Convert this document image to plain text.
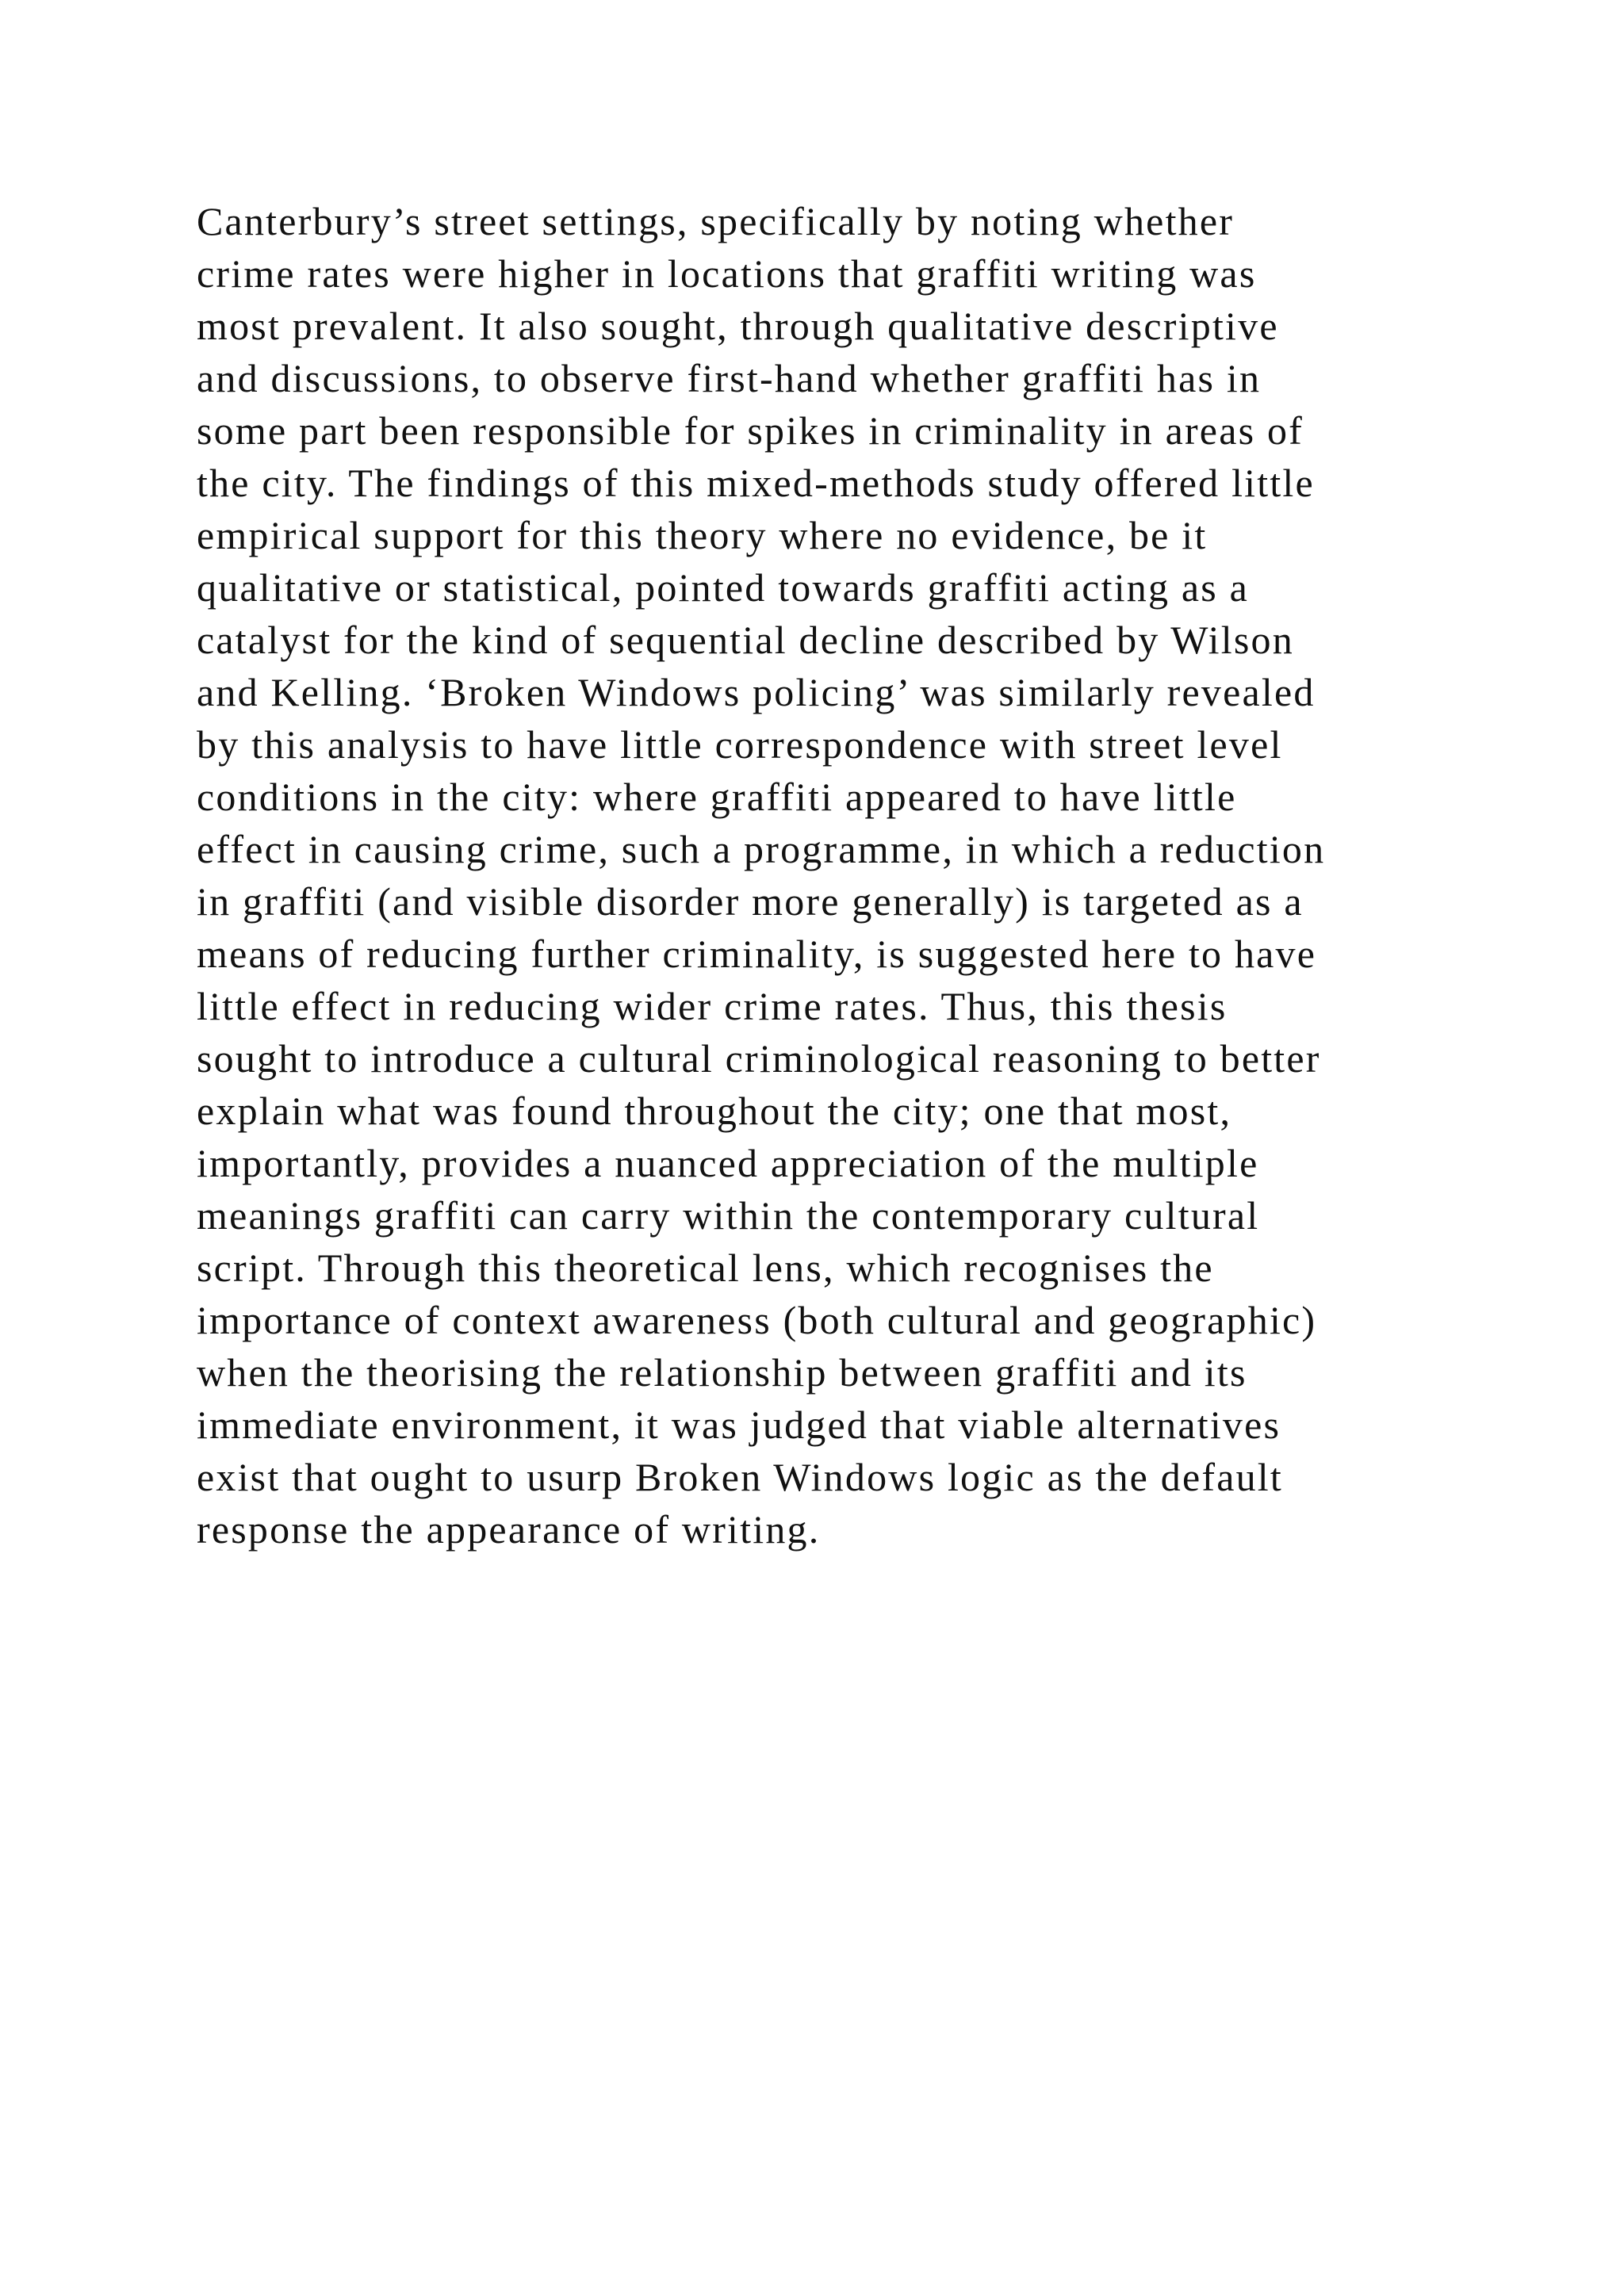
Canterbury’s street settings, specifically by noting whether
crime rates were higher in locations that graffiti writing was
most prevalent. It also sought, through qualitative descriptive
and discussions, to observe first-hand whether graffiti has in
some part been responsible for spikes in criminality in areas of
the city. The findings of this mixed-methods study offered little
empirical support for this theory where no evidence, be it
qualitative or statistical, pointed towards graffiti acting as a
catalyst for the kind of sequential decline described by Wilson
and Kelling. ‘Broken Windows policing’ was similarly revealed
by this analysis to have little correspondence with street level
conditions in the city: where graffiti appeared to have little
effect in causing crime, such a programme, in which a reduction
in graffiti (and visible disorder more generally) is targeted as a
means of reducing further criminality, is suggested here to have
little effect in reducing wider crime rates. Thus, this thesis
sought to introduce a cultural criminological reasoning to better
explain what was found throughout the city; one that most,
importantly, provides a nuanced appreciation of the multiple
meanings graffiti can carry within the contemporary cultural
script. Through this theoretical lens, which recognises the
importance of context awareness (both cultural and geographic)
when the theorising the relationship between graffiti and its
immediate environment, it was judged that viable alternatives
exist that ought to usurp Broken Windows logic as the default
response the appearance of writing.
